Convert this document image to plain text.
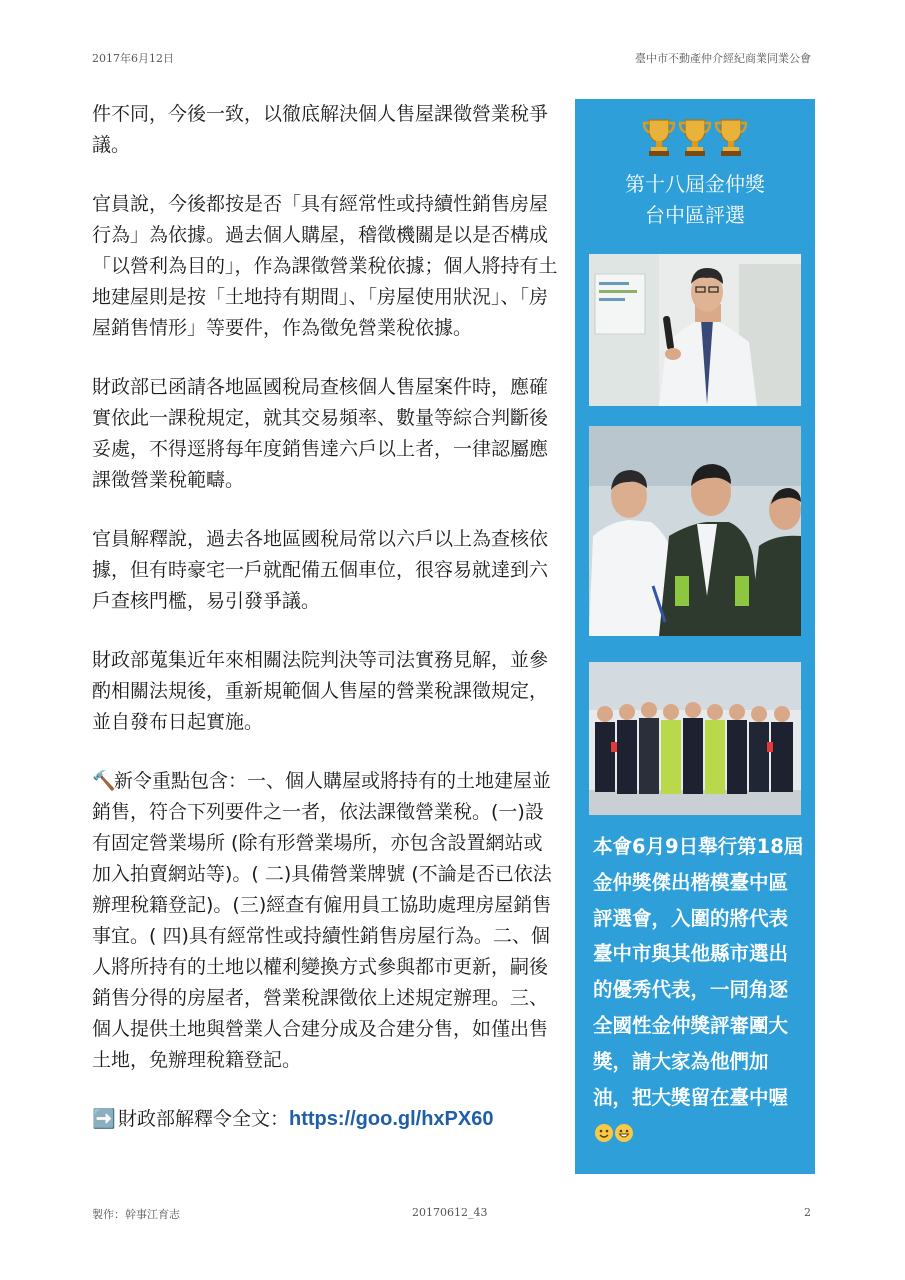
2017年6月12日	臺中市不動產仲介經紀商業同業公會

件不同，今後一致，以徹底解決個人售屋課徵營業稅爭議。

官員說，今後都按是否「具有經常性或持續性銷售房屋行為」為依據。過去個人購屋，稽徵機關是以是否構成「以營利為目的」，作為課徵營業稅依據；個人將持有土地建屋則是按「土地持有期間」、「房屋使用狀況」、「房屋銷售情形」等要件，作為徵免營業稅依據。

財政部已函請各地區國稅局查核個人售屋案件時，應確實依此一課稅規定，就其交易頻率、數量等綜合判斷後妥處，不得逕將每年度銷售達六戶以上者，一律認屬應課徵營業稅範疇。

官員解釋說，過去各地區國稅局常以六戶以上為查核依據，但有時豪宅一戶就配備五個車位，很容易就達到六戶查核門檻，易引發爭議。

財政部蒐集近年來相關法院判決等司法實務見解，並參酌相關法規後，重新規範個人售屋的營業稅課徵規定，並自發布日起實施。

🔨新令重點包含：一、個人購屋或將持有的土地建屋並銷售，符合下列要件之一者，依法課徵營業稅。(一)設有固定營業場所 (除有形營業場所，亦包含設置網站或加入拍賣網站等)。( 二)具備營業牌號 (不論是否已依法辦理稅籍登記)。(三)經查有僱用員工協助處理房屋銷售事宜。( 四)具有經常性或持續性銷售房屋行為。二、個人將所持有的土地以權利變換方式參與都市更新，嗣後銷售分得的房屋者，營業稅課徵依上述規定辦理。三、個人提供土地與營業人合建分成及合建分售，如僅出售土地，免辦理稅籍登記。

➡️ 財政部解釋令全文：https://goo.gl/hxPX60

第十八屆金仲獎
台中區評選
本會6月9日舉行第18屆金仲獎傑出楷模臺中區評選會，入圍的將代表臺中市與其他縣市選出的優秀代表，一同角逐全國性金仲獎評審團大獎，請大家為他們加油，把大獎留在臺中喔
製作：幹事江育志	20170612_43	2
